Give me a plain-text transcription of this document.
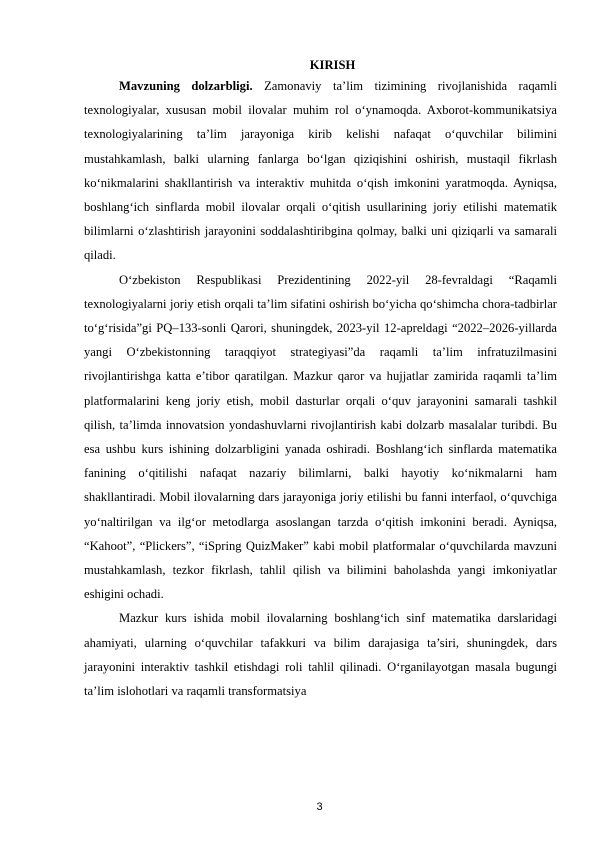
KIRISH

Mavzuning dolzarbligi. Zamonaviy ta’lim tizimining rivojlanishida raqamli texnologiyalar, xususan mobil ilovalar muhim rol o‘ynamoqda. Axborot-kommunikatsiya texnologiyalarining ta’lim jarayoniga kirib kelishi nafaqat o‘quvchilar bilimini mustahkamlash, balki ularning fanlarga bo‘lgan qiziqishini oshirish, mustaqil fikrlash ko‘nikmalarini shakllantirish va interaktiv muhitda o‘qish imkonini yaratmoqda. Ayniqsa, boshlang‘ich sinflarda mobil ilovalar orqali o‘qitish usullarining joriy etilishi matematik bilimlarni o‘zlashtirish jarayonini soddalashtiribgina qolmay, balki uni qiziqarli va samarali qiladi.

O‘zbekiston Respublikasi Prezidentining 2022-yil 28-fevraldagi “Raqamli texnologiyalarni joriy etish orqali ta’lim sifatini oshirish bo‘yicha qo‘shimcha chora-tadbirlar to‘g‘risida”gi PQ–133-sonli Qarori, shuningdek, 2023-yil 12-apreldagi “2022–2026-yillarda yangi O‘zbekistonning taraqqiyot strategiyasi”da raqamli ta’lim infratuzilmasini rivojlantirishga katta e’tibor qaratilgan. Mazkur qaror va hujjatlar zamirida raqamli ta’lim platformalarini keng joriy etish, mobil dasturlar orqali o‘quv jarayonini samarali tashkil qilish, ta’limda innovatsion yondashuvlarni rivojlantirish kabi dolzarb masalalar turibdi. Bu esa ushbu kurs ishining dolzarbligini yanada oshiradi. Boshlang‘ich sinflarda matematika fanining o‘qitilishi nafaqat nazariy bilimlarni, balki hayotiy ko‘nikmalarni ham shakllantiradi. Mobil ilovalarning dars jarayoniga joriy etilishi bu fanni interfaol, o‘quvchiga yo‘naltirilgan va ilg‘or metodlarga asoslangan tarzda o‘qitish imkonini beradi. Ayniqsa, “Kahoot”, “Plickers”, “iSpring QuizMaker” kabi mobil platformalar o‘quvchilarda mavzuni mustahkamlash, tezkor fikrlash, tahlil qilish va bilimini baholashda yangi imkoniyatlar eshigini ochadi.

Mazkur kurs ishida mobil ilovalarning boshlang‘ich sinf matematika darslaridagi ahamiyati, ularning o‘quvchilar tafakkuri va bilim darajasiga ta’siri, shuningdek, dars jarayonini interaktiv tashkil etishdagi roli tahlil qilinadi. O‘rganilayotgan masala bugungi ta’lim islohotlari va raqamli transformatsiya

3
